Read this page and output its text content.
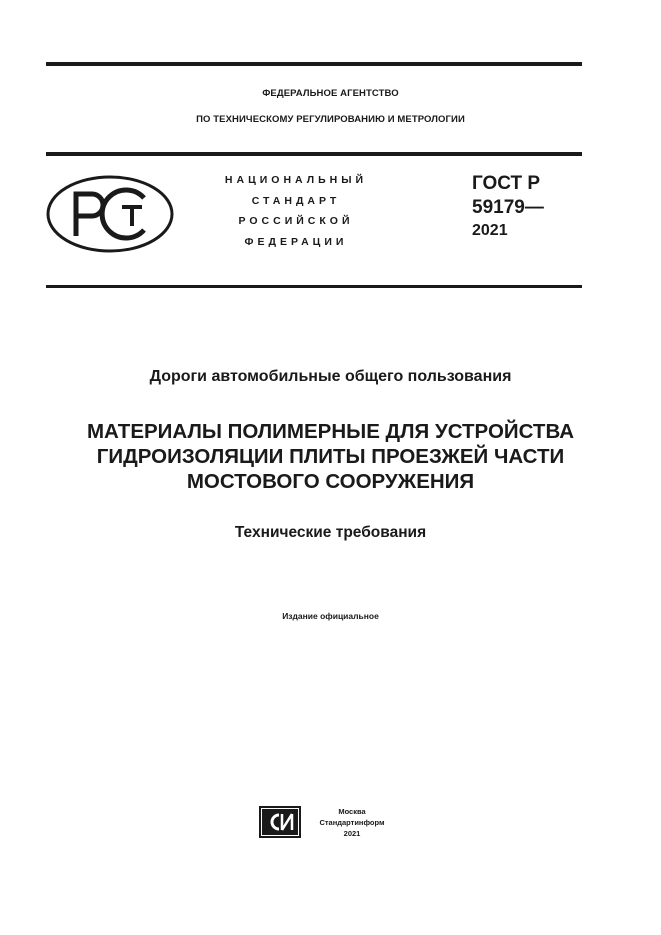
ФЕДЕРАЛЬНОЕ АГЕНТСТВО
ПО ТЕХНИЧЕСКОМУ РЕГУЛИРОВАНИЮ И МЕТРОЛОГИИ
НАЦИОНАЛЬНЫЙ
СТАНДАРТ
РОССИЙСКОЙ
ФЕДЕРАЦИИ
ГОСТ Р
59179—
2021
Дороги автомобильные общего пользования
МАТЕРИАЛЫ ПОЛИМЕРНЫЕ ДЛЯ УСТРОЙСТВА
ГИДРОИЗОЛЯЦИИ ПЛИТЫ ПРОЕЗЖЕЙ ЧАСТИ
МОСТОВОГО СООРУЖЕНИЯ
Технические требования
Издание официальное
Москва
Стандартинформ
2021
